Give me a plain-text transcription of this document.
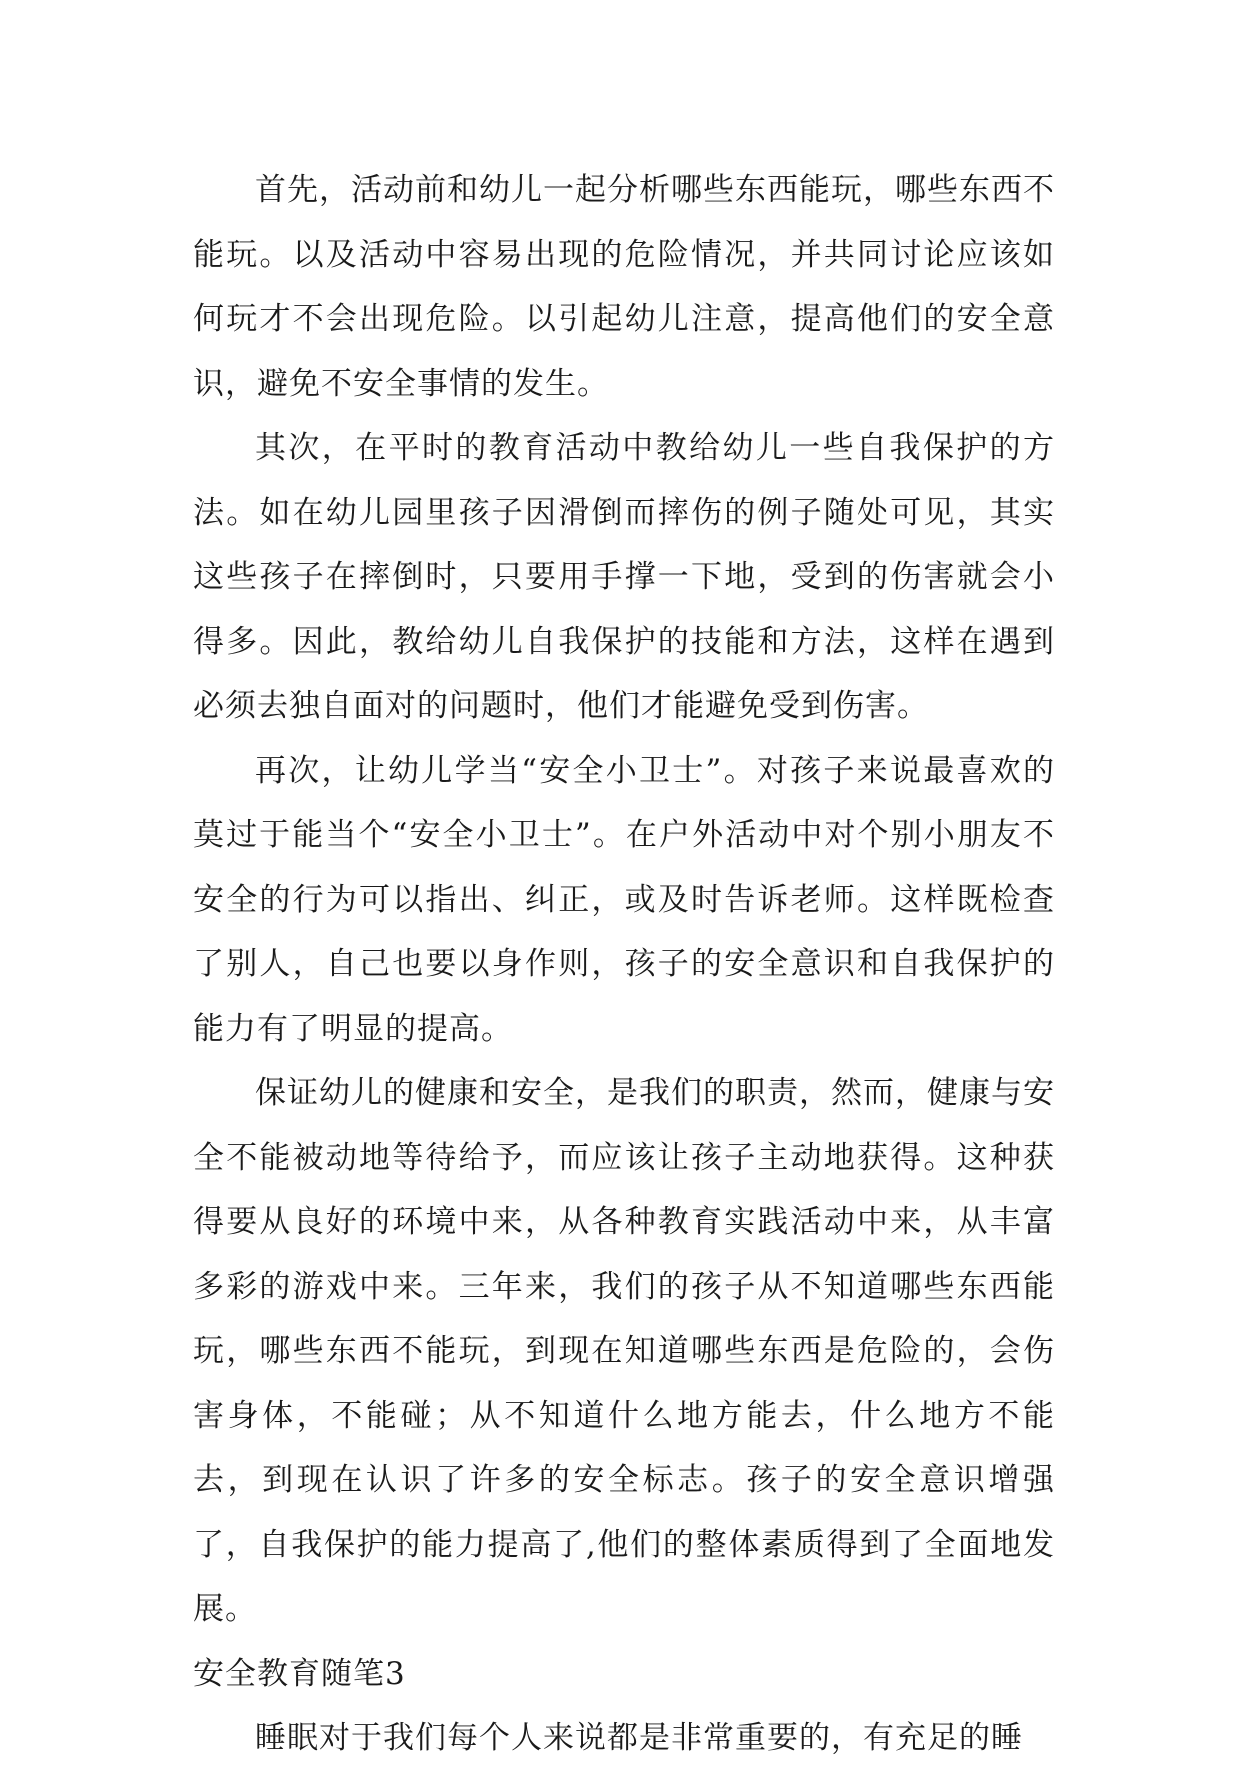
首先，活动前和幼儿一起分析哪些东西能玩，哪些东西不能玩。以及活动中容易出现的危险情况，并共同讨论应该如何玩才不会出现危险。以引起幼儿注意，提高他们的安全意识，避免不安全事情的发生。

其次，在平时的教育活动中教给幼儿一些自我保护的方法。如在幼儿园里孩子因滑倒而摔伤的例子随处可见，其实这些孩子在摔倒时，只要用手撑一下地，受到的伤害就会小得多。因此，教给幼儿自我保护的技能和方法，这样在遇到必须去独自面对的问题时，他们才能避免受到伤害。

再次，让幼儿学当“安全小卫士”。对孩子来说最喜欢的莫过于能当个“安全小卫士”。在户外活动中对个别小朋友不安全的行为可以指出、纠正，或及时告诉老师。这样既检查了别人，自己也要以身作则，孩子的安全意识和自我保护的能力有了明显的提高。

保证幼儿的健康和安全，是我们的职责，然而，健康与安全不能被动地等待给予，而应该让孩子主动地获得。这种获得要从良好的环境中来，从各种教育实践活动中来，从丰富多彩的游戏中来。三年来，我们的孩子从不知道哪些东西能玩，哪些东西不能玩，到现在知道哪些东西是危险的，会伤害身体，不能碰；从不知道什么地方能去，什么地方不能去，到现在认识了许多的安全标志。孩子的安全意识增强了，自我保护的能力提高了,他们的整体素质得到了全面地发展。

安全教育随笔3

睡眠对于我们每个人来说都是非常重要的，有充足的睡
